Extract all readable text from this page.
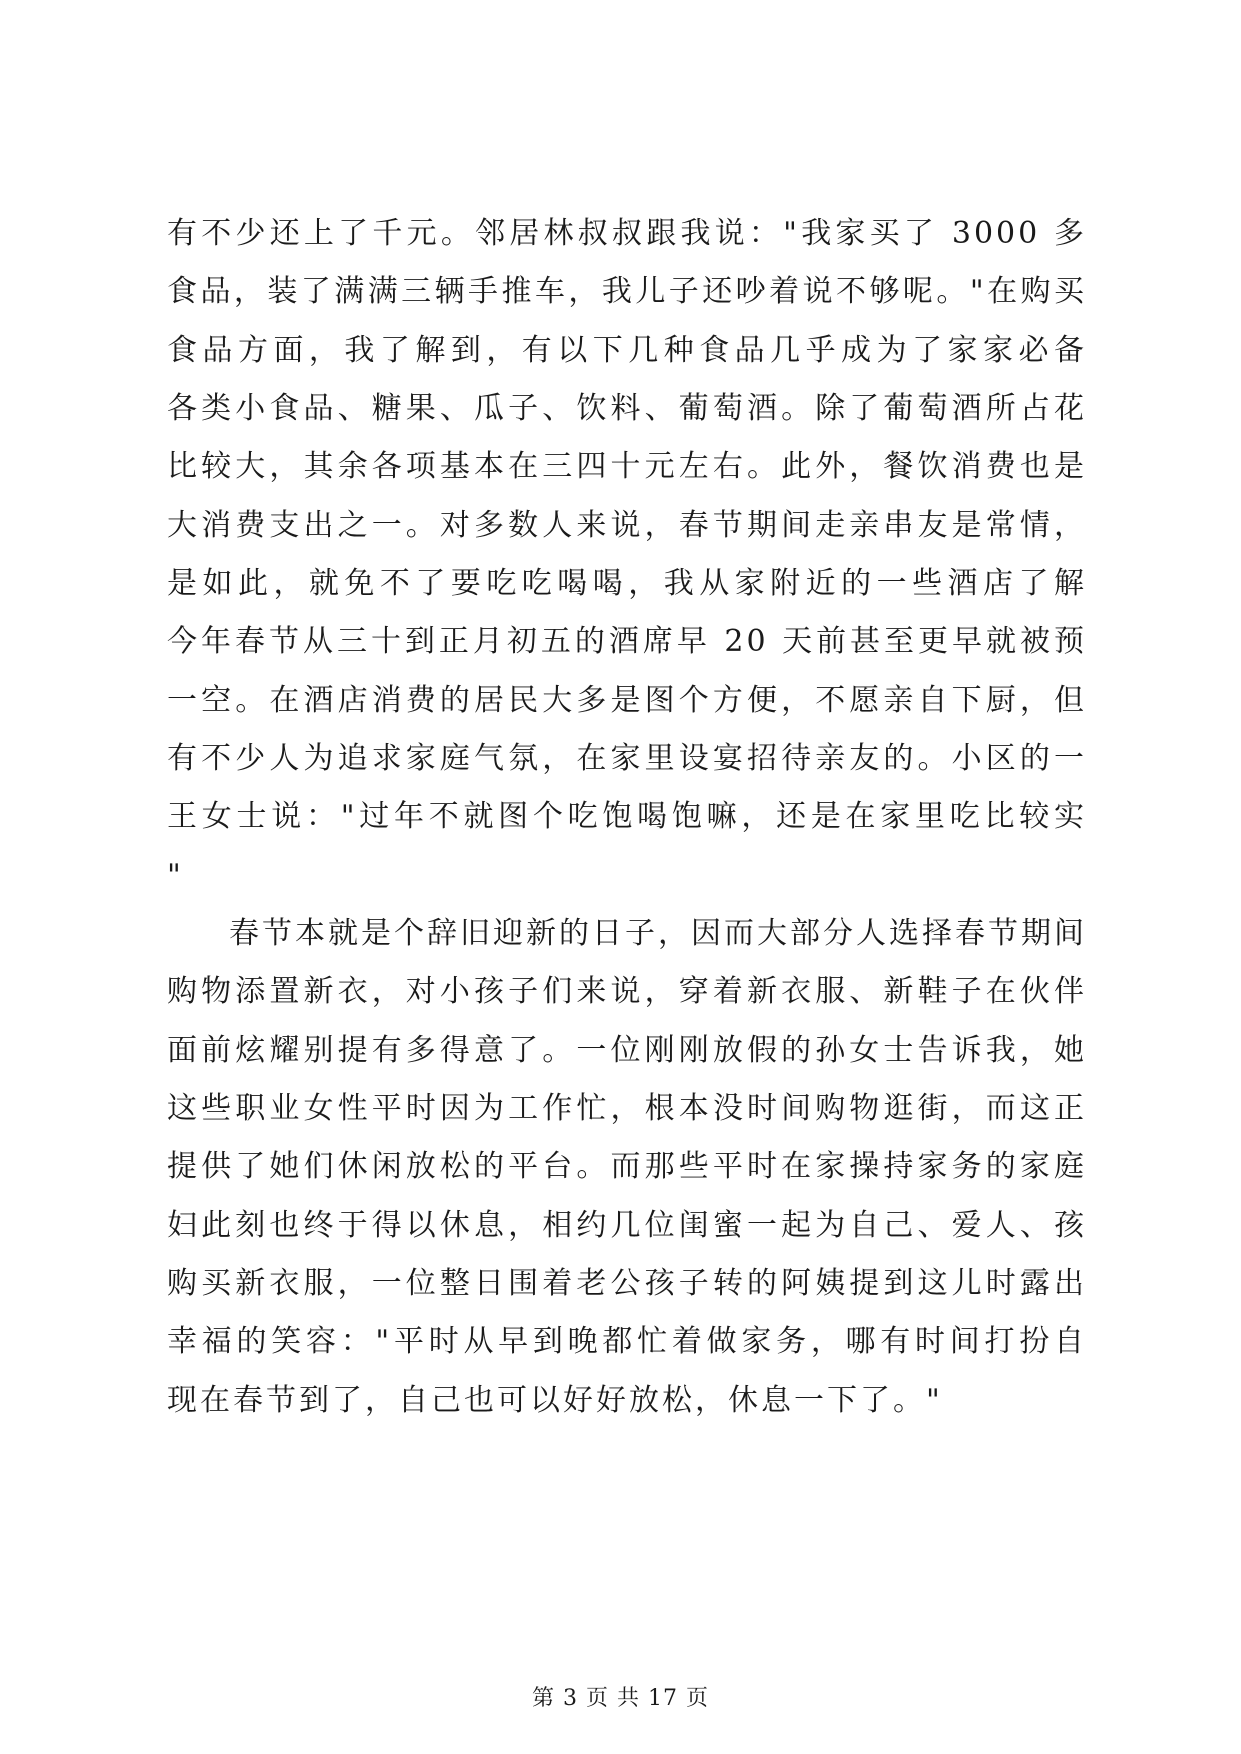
有不少还上了千元。邻居林叔叔跟我说："我家买了 3000 多
食品，装了满满三辆手推车，我儿子还吵着说不够呢。"在购买
食品方面，我了解到，有以下几种食品几乎成为了家家必备
各类小食品、糖果、瓜子、饮料、葡萄酒。除了葡萄酒所占花
比较大，其余各项基本在三四十元左右。此外，餐饮消费也是
大消费支出之一。对多数人来说，春节期间走亲串友是常情，
是如此，就免不了要吃吃喝喝，我从家附近的一些酒店了解
今年春节从三十到正月初五的酒席早 20 天前甚至更早就被预
一空。在酒店消费的居民大多是图个方便，不愿亲自下厨，但
有不少人为追求家庭气氛，在家里设宴招待亲友的。小区的一
王女士说："过年不就图个吃饱喝饱嘛，还是在家里吃比较实
"
春节本就是个辞旧迎新的日子，因而大部分人选择春节期间
购物添置新衣，对小孩子们来说，穿着新衣服、新鞋子在伙伴
面前炫耀别提有多得意了。一位刚刚放假的孙女士告诉我，她
这些职业女性平时因为工作忙，根本没时间购物逛街，而这正
提供了她们休闲放松的平台。而那些平时在家操持家务的家庭
妇此刻也终于得以休息，相约几位闺蜜一起为自己、爱人、孩
购买新衣服，一位整日围着老公孩子转的阿姨提到这儿时露出
幸福的笑容："平时从早到晚都忙着做家务，哪有时间打扮自
现在春节到了，自己也可以好好放松，休息一下了。"
第 3 页 共 17 页
